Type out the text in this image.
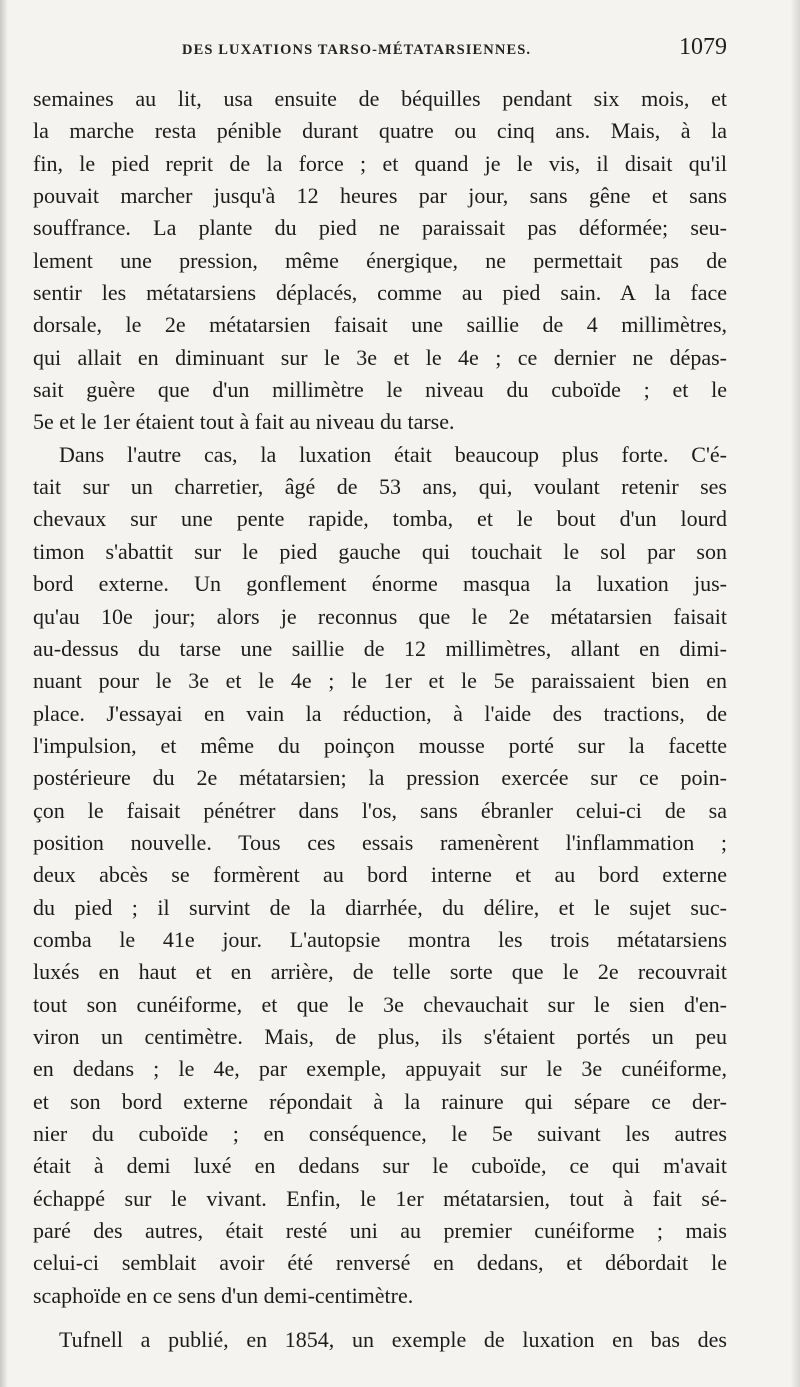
DES LUXATIONS TARSO-MÉTATARSIENNES.	1079
semaines au lit, usa ensuite de béquilles pendant six mois, et
la marche resta pénible durant quatre ou cinq ans. Mais, à la
fin, le pied reprit de la force ; et quand je le vis, il disait qu'il
pouvait marcher jusqu'à 12 heures par jour, sans gêne et sans
souffrance. La plante du pied ne paraissait pas déformée; seu-
lement une pression, même énergique, ne permettait pas de
sentir les métatarsiens déplacés, comme au pied sain. A la face
dorsale, le 2e métatarsien faisait une saillie de 4 millimètres,
qui allait en diminuant sur le 3e et le 4e ; ce dernier ne dépas-
sait guère que d'un millimètre le niveau du cuboïde ; et le
5e et le 1er étaient tout à fait au niveau du tarse.
Dans l'autre cas, la luxation était beaucoup plus forte. C'é-
tait sur un charretier, âgé de 53 ans, qui, voulant retenir ses
chevaux sur une pente rapide, tomba, et le bout d'un lourd
timon s'abattit sur le pied gauche qui touchait le sol par son
bord externe. Un gonflement énorme masqua la luxation jus-
qu'au 10e jour; alors je reconnus que le 2e métatarsien faisait
au-dessus du tarse une saillie de 12 millimètres, allant en dimi-
nuant pour le 3e et le 4e ; le 1er et le 5e paraissaient bien en
place. J'essayai en vain la réduction, à l'aide des tractions, de
l'impulsion, et même du poinçon mousse porté sur la facette
postérieure du 2e métatarsien; la pression exercée sur ce poin-
çon le faisait pénétrer dans l'os, sans ébranler celui-ci de sa
position nouvelle. Tous ces essais ramenèrent l'inflammation ;
deux abcès se formèrent au bord interne et au bord externe
du pied ; il survint de la diarrhée, du délire, et le sujet suc-
comba le 41e jour. L'autopsie montra les trois métatarsiens
luxés en haut et en arrière, de telle sorte que le 2e recouvrait
tout son cunéiforme, et que le 3e chevauchait sur le sien d'en-
viron un centimètre. Mais, de plus, ils s'étaient portés un peu
en dedans ; le 4e, par exemple, appuyait sur le 3e cunéiforme,
et son bord externe répondait à la rainure qui sépare ce der-
nier du cuboïde ; en conséquence, le 5e suivant les autres
était à demi luxé en dedans sur le cuboïde, ce qui m'avait
échappé sur le vivant. Enfin, le 1er métatarsien, tout à fait sé-
paré des autres, était resté uni au premier cunéiforme ; mais
celui-ci semblait avoir été renversé en dedans, et débordait le
scaphoïde en ce sens d'un demi-centimètre.
Tufnell a publié, en 1854, un exemple de luxation en bas des
